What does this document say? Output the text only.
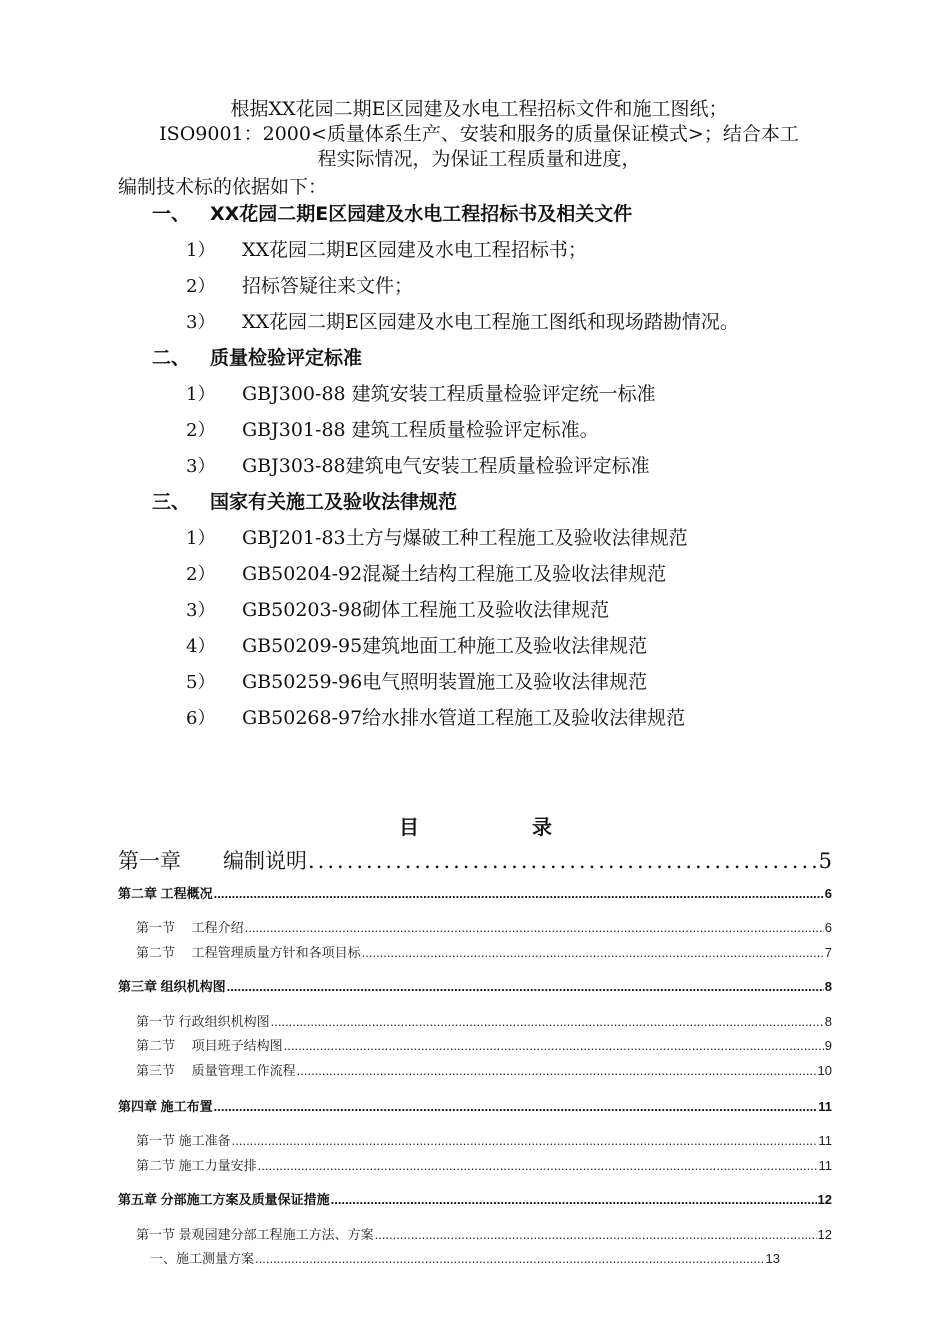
根据XX花园二期E区园建及水电工程招标文件和施工图纸；
ISO9001：2000<质量体系生产、安装和服务的质量保证模式>；结合本工
程实际情况，为保证工程质量和进度，
编制技术标的依据如下：
一、 XX花园二期E区园建及水电工程招标书及相关文件
1） XX花园二期E区园建及水电工程招标书；
2） 招标答疑往来文件；
3） XX花园二期E区园建及水电工程施工图纸和现场踏勘情况。
二、 质量检验评定标准
1） GBJ300-88 建筑安装工程质量检验评定统一标准
2） GBJ301-88 建筑工程质量检验评定标准。
3） GBJ303-88建筑电气安装工程质量检验评定标准
三、 国家有关施工及验收法律规范
1） GBJ201-83土方与爆破工种工程施工及验收法律规范
2） GB50204-92混凝土结构工程施工及验收法律规范
3） GB50203-98砌体工程施工及验收法律规范
4） GB50209-95建筑地面工种施工及验收法律规范
5） GB50259-96电气照明装置施工及验收法律规范
6） GB50268-97给水排水管道工程施工及验收法律规范
目	录
第一章　　编制说明 .....	5
第二章 工程概况 .....	6
第一节　 工程介绍 .....	6
第二节　 工程管理质量方针和各项目标 .....	7
第三章 组织机构图 .....	8
第一节 行政组织机构图 .....	8
第二节　 项目班子结构图 .....	9
第三节　 质量管理工作流程 .....	10
第四章 施工布置 .....	11
第一节 施工准备 .....	11
第二节 施工力量安排 .....	11
第五章 分部施工方案及质量保证措施 .....	12
第一节 景观园建分部工程施工方法、方案 .....	12
一、施工测量方案 .....	13
